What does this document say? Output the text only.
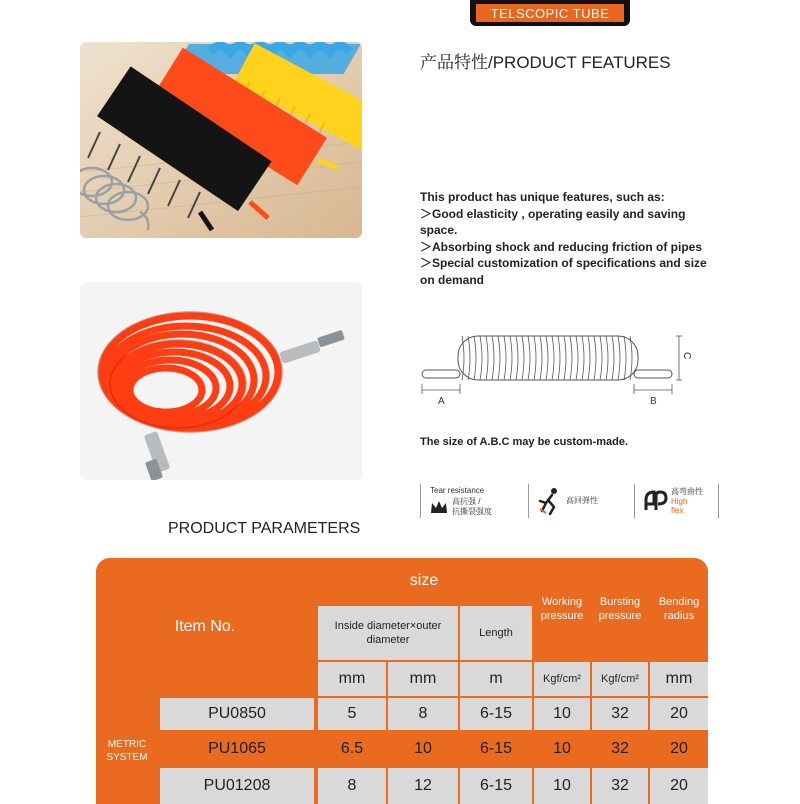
TELSCOPIC TUBE
产品特性/PRODUCT FEATURES

This product has unique features, such as:

＞Good elasticity , operating easily and saving space.

＞Absorbing shock and reducing friction of pipes

＞Special customization of specifications and size on demand

A	B
C
The size of A.B.C may be custom-made.
Tear resistance
高抗强 /
抗撕裂强度
高回弹性
高弯曲性
High
flex
PRODUCT PARAMETERS
Item No.
size
Inside diameter×outer diameter
Length
Working pressure
Bursting pressure
Bending radius
mm	mm	m	Kgf/cm²	Kgf/cm²	mm
METRIC SYSTEM
PU0850	5	8	6-15	10	32	20
PU1065	6.5	10	6-15	10	32	20
PU01208	8	12	6-15	10	32	20
